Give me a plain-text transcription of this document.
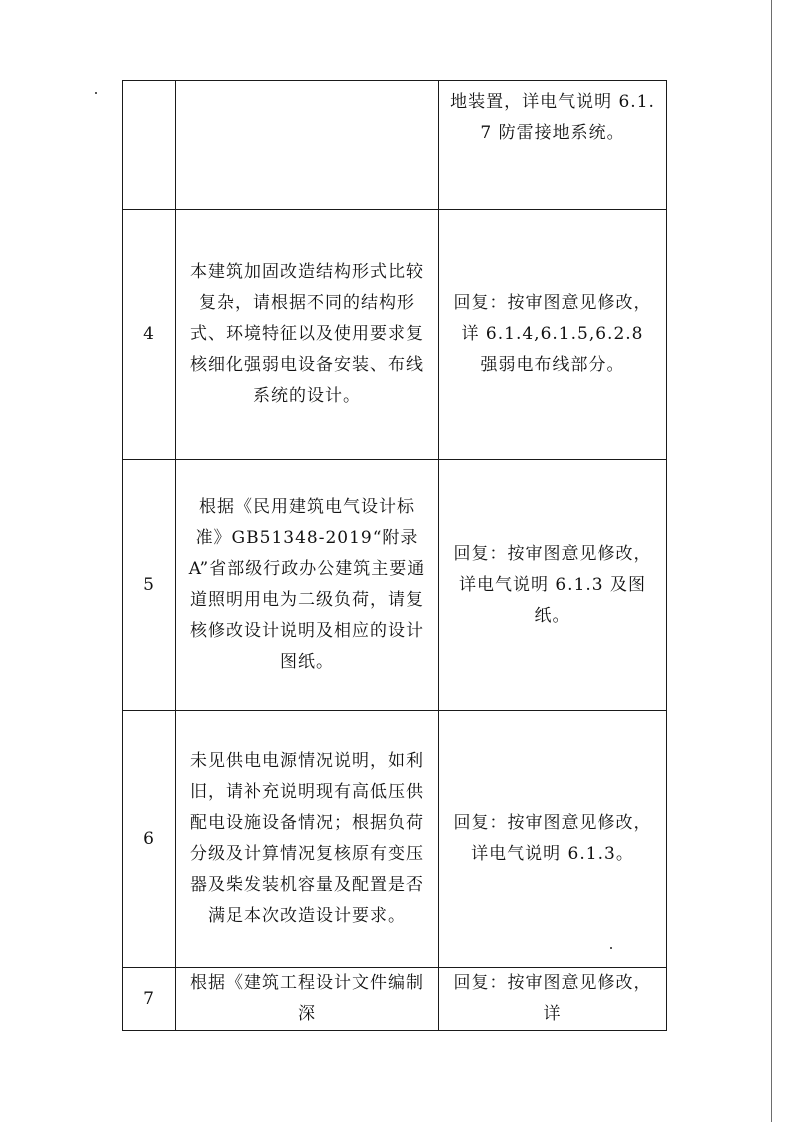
		地装置，详电气说明 6.1.7 防雷接地系统。

4	本建筑加固改造结构形式比较复杂，请根据不同的结构形式、环境特征以及使用要求复核细化强弱电设备安装、布线系统的设计。	回复：按审图意见修改，详 6.1.4,6.1.5,6.2.8 强弱电布线部分。

5	根据《民用建筑电气设计标准》GB51348-2019“附录 A”省部级行政办公建筑主要通道照明用电为二级负荷，请复核修改设计说明及相应的设计图纸。	回复：按审图意见修改，详电气说明 6.1.3 及图纸。

6	未见供电电源情况说明，如利旧，请补充说明现有高低压供配电设施设备情况；根据负荷分级及计算情况复核原有变压器及柴发装机容量及配置是否满足本次改造设计要求。	回复：按审图意见修改，详电气说明 6.1.3。

7	根据《建筑工程设计文件编制深	回复：按审图意见修改，详
